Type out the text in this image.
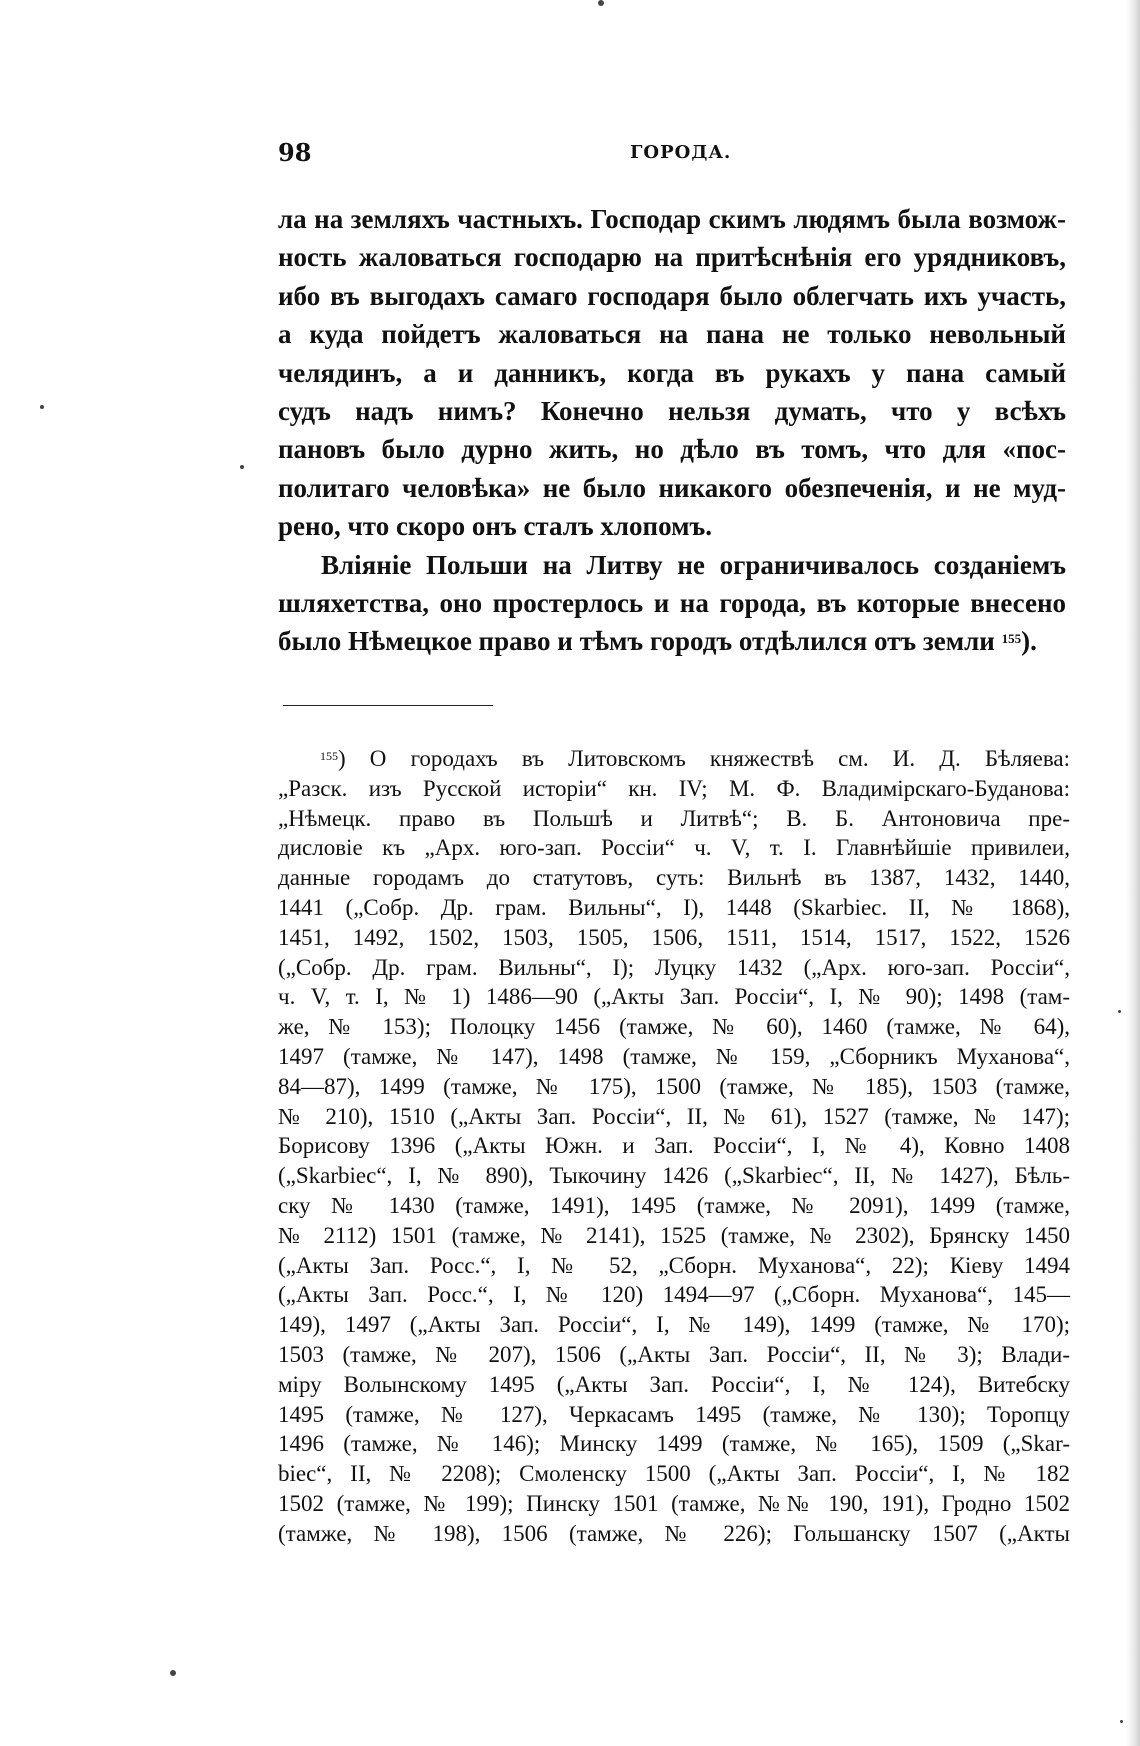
98	ГОРОДА.
ла на земляхъ частныхъ. Господар скимъ людямъ была возмож-
ность жаловаться господарю на притѣснѣнія его урядниковъ,
ибо въ выгодахъ самаго господаря было облегчать ихъ участь,
а куда пойдетъ жаловаться на пана не только невольный
челядинъ, а и данникъ, когда въ рукахъ у пана самый
судъ надъ нимъ? Конечно нельзя думать, что у всѣхъ
пановъ было дурно жить, но дѣло въ томъ, что для «пос-
политаго человѣка» не было никакого обезпеченія, и не муд-
рено, что скоро онъ сталъ хлопомъ.
Вліяніе Польши на Литву не ограничивалось созданіемъ
шляхетства, оно простерлось и на города, въ которые внесено
было Нѣмецкое право и тѣмъ городъ отдѣлился отъ земли $^{155}$).
$^{155}$) О городахъ въ Литовскомъ княжествѣ см. И. Д. Бѣляева:
„Разск. изъ Русской исторіи“ кн. IV; М. Ф. Владимірскаго-Буданова:
„Нѣмецк. право въ Польшѣ и Литвѣ“; В. Б. Антоновича пре-
дисловіе къ „Арх. юго-зап. Россіи“ ч. V, т. I. Главнѣйшіе привилеи,
данные городамъ до статутовъ, суть: Вильнѣ въ 1387, 1432, 1440,
1441 („Собр. Др. грам. Вильны“, I), 1448 (Skarbiec. II, № 1868),
1451, 1492, 1502, 1503, 1505, 1506, 1511, 1514, 1517, 1522, 1526
(„Собр. Др. грам. Вильны“, I); Луцку 1432 („Арх. юго-зап. Россіи“,
ч. V, т. I, № 1) 1486—90 („Акты Зап. Россіи“, I, № 90); 1498 (там-
же, № 153); Полоцку 1456 (тамже, № 60), 1460 (тамже, № 64),
1497 (тамже, № 147), 1498 (тамже, № 159, „Сборникъ Муханова“,
84—87), 1499 (тамже, № 175), 1500 (тамже, № 185), 1503 (тамже,
№ 210), 1510 („Акты Зап. Россіи“, II, № 61), 1527 (тамже, № 147);
Борисову 1396 („Акты Южн. и Зап. Россіи“, I, № 4), Ковно 1408
(„Skarbiec“, I, № 890), Тыкочину 1426 („Skarbiec“, II, № 1427), Бѣль-
ску № 1430 (тамже, 1491), 1495 (тамже, № 2091), 1499 (тамже,
№ 2112) 1501 (тамже, № 2141), 1525 (тамже, № 2302), Брянску 1450
(„Акты Зап. Росс.“, I, № 52, „Сборн. Муханова“, 22); Кіеву 1494
(„Акты Зап. Росс.“, I, № 120) 1494—97 („Сборн. Муханова“, 145—
149), 1497 („Акты Зап. Россіи“, I, № 149), 1499 (тамже, № 170);
1503 (тамже, № 207), 1506 („Акты Зап. Россіи“, II, № 3); Влади-
міру Волынскому 1495 („Акты Зап. Россіи“, I, № 124), Витебску
1495 (тамже, № 127), Черкасамъ 1495 (тамже, № 130); Торопцу
1496 (тамже, № 146); Минску 1499 (тамже, № 165), 1509 („Skar-
biec“, II, № 2208); Смоленску 1500 („Акты Зап. Россіи“, I, № 182
1502 (тамже, № 199); Пинску 1501 (тамже, №№ 190, 191), Гродно 1502
(тамже, № 198), 1506 (тамже, № 226); Гольшанску 1507 („Акты
